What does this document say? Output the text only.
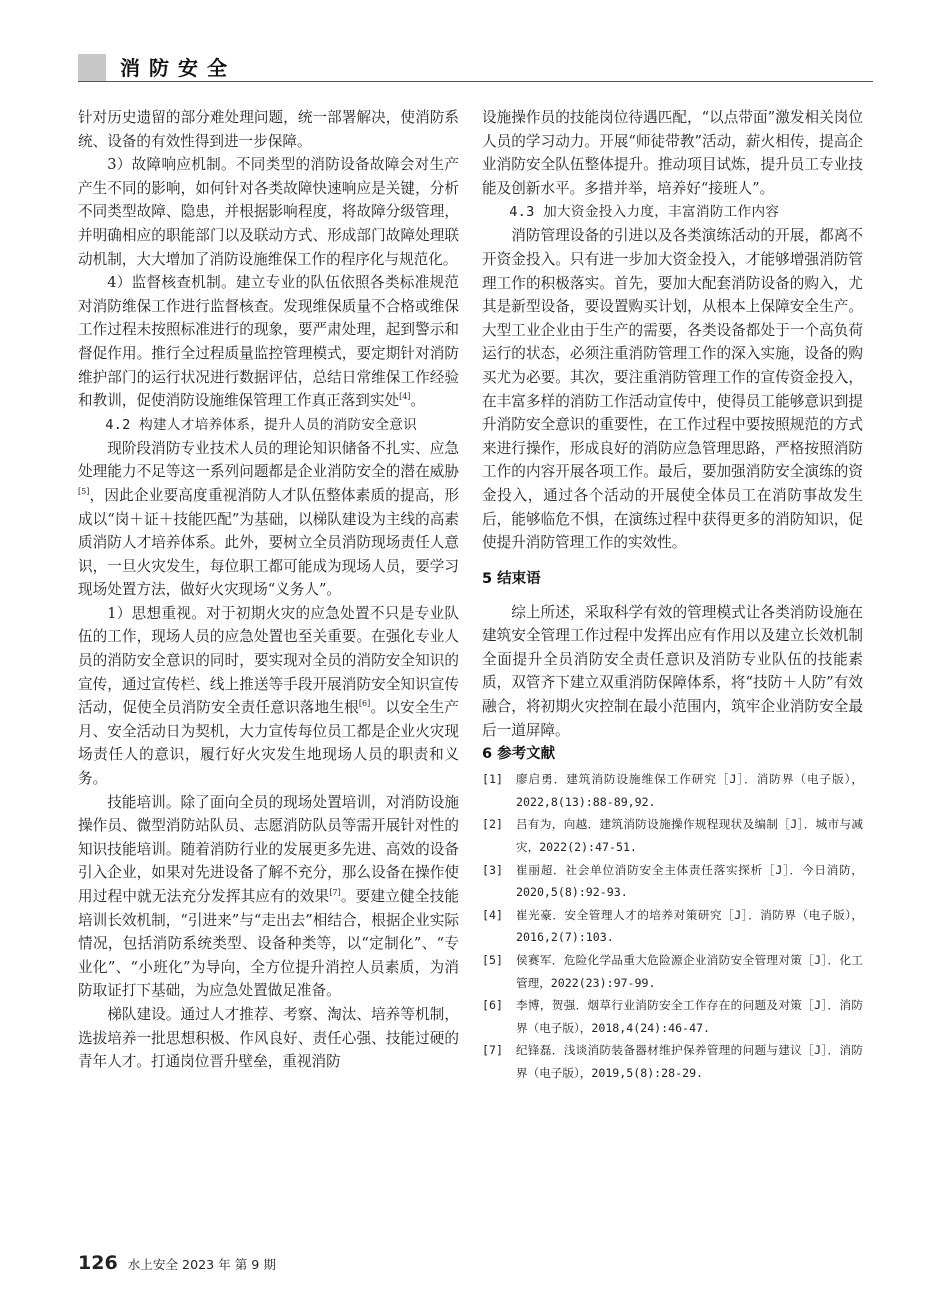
消防安全

针对历史遗留的部分难处理问题，统一部署解决，使消防系统、设备的有效性得到进一步保障。

3）故障响应机制。不同类型的消防设备故障会对生产产生不同的影响，如何针对各类故障快速响应是关键，分析不同类型故障、隐患，并根据影响程度，将故障分级管理，并明确相应的职能部门以及联动方式、形成部门故障处理联动机制，大大增加了消防设施维保工作的程序化与规范化。

4）监督核查机制。建立专业的队伍依照各类标准规范对消防维保工作进行监督核查。发现维保质量不合格或维保工作过程未按照标准进行的现象，要严肃处理，起到警示和督促作用。推行全过程质量监控管理模式，要定期针对消防维护部门的运行状况进行数据评估，总结日常维保工作经验和教训，促使消防设施维保管理工作真正落到实处[4]。

4.2 构建人才培养体系，提升人员的消防安全意识

现阶段消防专业技术人员的理论知识储备不扎实、应急处理能力不足等这一系列问题都是企业消防安全的潜在威胁[5]，因此企业要高度重视消防人才队伍整体素质的提高，形成以“岗＋证＋技能匹配”为基础，以梯队建设为主线的高素质消防人才培养体系。此外，要树立全员消防现场责任人意识，一旦火灾发生，每位职工都可能成为现场人员，要学习现场处置方法，做好火灾现场“义务人”。

1）思想重视。对于初期火灾的应急处置不只是专业队伍的工作，现场人员的应急处置也至关重要。在强化专业人员的消防安全意识的同时，要实现对全员的消防安全知识的宣传，通过宣传栏、线上推送等手段开展消防安全知识宣传活动，促使全员消防安全责任意识落地生根[6]。以安全生产月、安全活动日为契机，大力宣传每位员工都是企业火灾现场责任人的意识，履行好火灾发生地现场人员的职责和义务。

技能培训。除了面向全员的现场处置培训，对消防设施操作员、微型消防站队员、志愿消防队员等需开展针对性的知识技能培训。随着消防行业的发展更多先进、高效的设备引入企业，如果对先进设备了解不充分，那么设备在操作使用过程中就无法充分发挥其应有的效果[7]。要建立健全技能培训长效机制，“引进来”与“走出去”相结合，根据企业实际情况，包括消防系统类型、设备种类等，以“定制化”、“专业化”、“小班化”为导向，全方位提升消控人员素质，为消防取证打下基础，为应急处置做足准备。

梯队建设。通过人才推荐、考察、淘汰、培养等机制，选拔培养一批思想积极、作风良好、责任心强、技能过硬的青年人才。打通岗位晋升壁垒，重视消防

设施操作员的技能岗位待遇匹配，“以点带面”激发相关岗位人员的学习动力。开展“师徒带教”活动，薪火相传，提高企业消防安全队伍整体提升。推动项目试炼，提升员工专业技能及创新水平。多措并举，培养好“接班人”。

4.3 加大资金投入力度，丰富消防工作内容

消防管理设备的引进以及各类演练活动的开展，都离不开资金投入。只有进一步加大资金投入，才能够增强消防管理工作的积极落实。首先，要加大配套消防设备的购入，尤其是新型设备，要设置购买计划，从根本上保障安全生产。大型工业企业由于生产的需要，各类设备都处于一个高负荷运行的状态，必须注重消防管理工作的深入实施，设备的购买尤为必要。其次，要注重消防管理工作的宣传资金投入，在丰富多样的消防工作活动宣传中，使得员工能够意识到提升消防安全意识的重要性，在工作过程中要按照规范的方式来进行操作，形成良好的消防应急管理思路，严格按照消防工作的内容开展各项工作。最后，要加强消防安全演练的资金投入，通过各个活动的开展使全体员工在消防事故发生后，能够临危不惧，在演练过程中获得更多的消防知识，促使提升消防管理工作的实效性。

5 结束语

综上所述，采取科学有效的管理模式让各类消防设施在建筑安全管理工作过程中发挥出应有作用以及建立长效机制全面提升全员消防安全责任意识及消防专业队伍的技能素质，双管齐下建立双重消防保障体系，将“技防＋人防”有效融合，将初期火灾控制在最小范围内，筑牢企业消防安全最后一道屏障。

6 参考文献

[1]	廖启勇．建筑消防设施维保工作研究［J］．消防界（电子版），2022,8(13):88-89,92.
[2]	吕有为，向越．建筑消防设施操作规程现状及编制［J］．城市与减灾，2022(2):47-51.
[3]	崔丽超．社会单位消防安全主体责任落实探析［J］．今日消防，2020,5(8):92-93.
[4]	崔光豪．安全管理人才的培养对策研究［J］．消防界（电子版），2016,2(7):103.
[5]	侯赛军．危险化学品重大危险源企业消防安全管理对策［J］．化工管理，2022(23):97-99.
[6]	李博，贺强．烟草行业消防安全工作存在的问题及对策［J］．消防界（电子版），2018,4(24):46-47.
[7]	纪锋磊．浅谈消防装备器材维护保养管理的问题与建议［J］．消防界（电子版），2019,5(8):28-29.
126 水上安全 2023 年 第 9 期
